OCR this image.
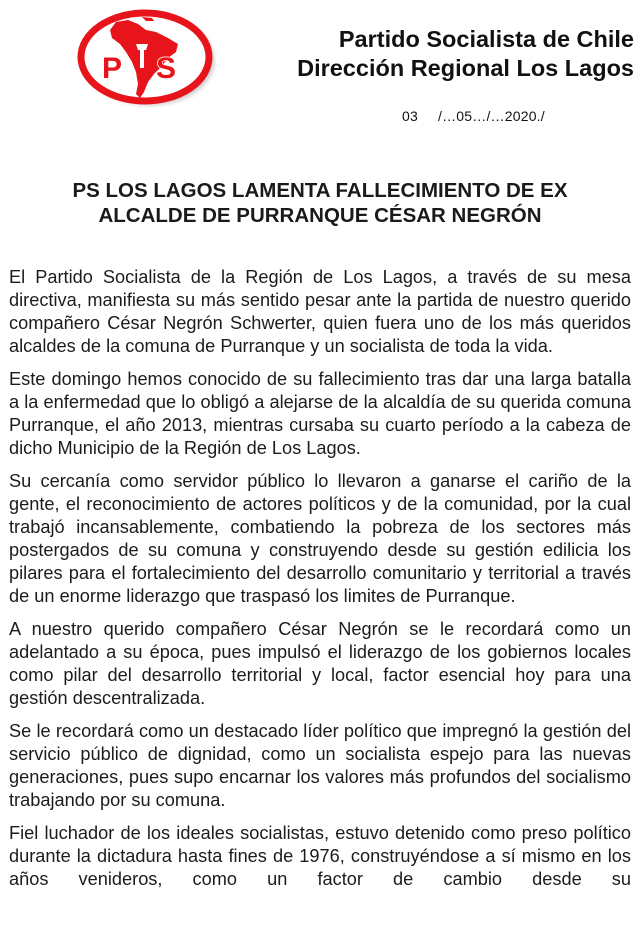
P S
Partido Socialista de Chile
Dirección Regional Los Lagos
03 /…05…/…2020./
PS LOS LAGOS LAMENTA FALLECIMIENTO DE EX
ALCALDE DE PURRANQUE CÉSAR NEGRÓN

El Partido Socialista de la Región de Los Lagos, a través de su mesa directiva, manifiesta su más sentido pesar ante la partida de nuestro querido compañero César Negrón Schwerter, quien fuera uno de los más queridos alcaldes de la comuna de Purranque y un socialista de toda la vida.

Este domingo hemos conocido de su fallecimiento tras dar una larga batalla a la enfermedad que lo obligó a alejarse de la alcaldía de su querida comuna Purranque, el año 2013, mientras cursaba su cuarto período a la cabeza de dicho Municipio de la Región de Los Lagos.

Su cercanía como servidor público lo llevaron a ganarse el cariño de la gente, el reconocimiento de actores políticos y de la comunidad, por la cual trabajó incansablemente, combatiendo la pobreza de los sectores más postergados de su comuna y construyendo desde su gestión edilicia los pilares para el fortalecimiento del desarrollo comunitario y territorial a través de un enorme liderazgo que traspasó los limites de Purranque.

A nuestro querido compañero César Negrón se le recordará como un adelantado a su época, pues impulsó el liderazgo de los gobiernos locales como pilar del desarrollo territorial y local, factor esencial hoy para una gestión descentralizada.

Se le recordará como un destacado líder político que impregnó la gestión del servicio público de dignidad, como un socialista espejo para las nuevas generaciones, pues supo encarnar los valores más profundos del socialismo trabajando por su comuna.

Fiel luchador de los ideales socialistas, estuvo detenido como preso político durante la dictadura hasta fines de 1976, construyéndose a sí mismo en los años venideros, como un factor de cambio desde su
